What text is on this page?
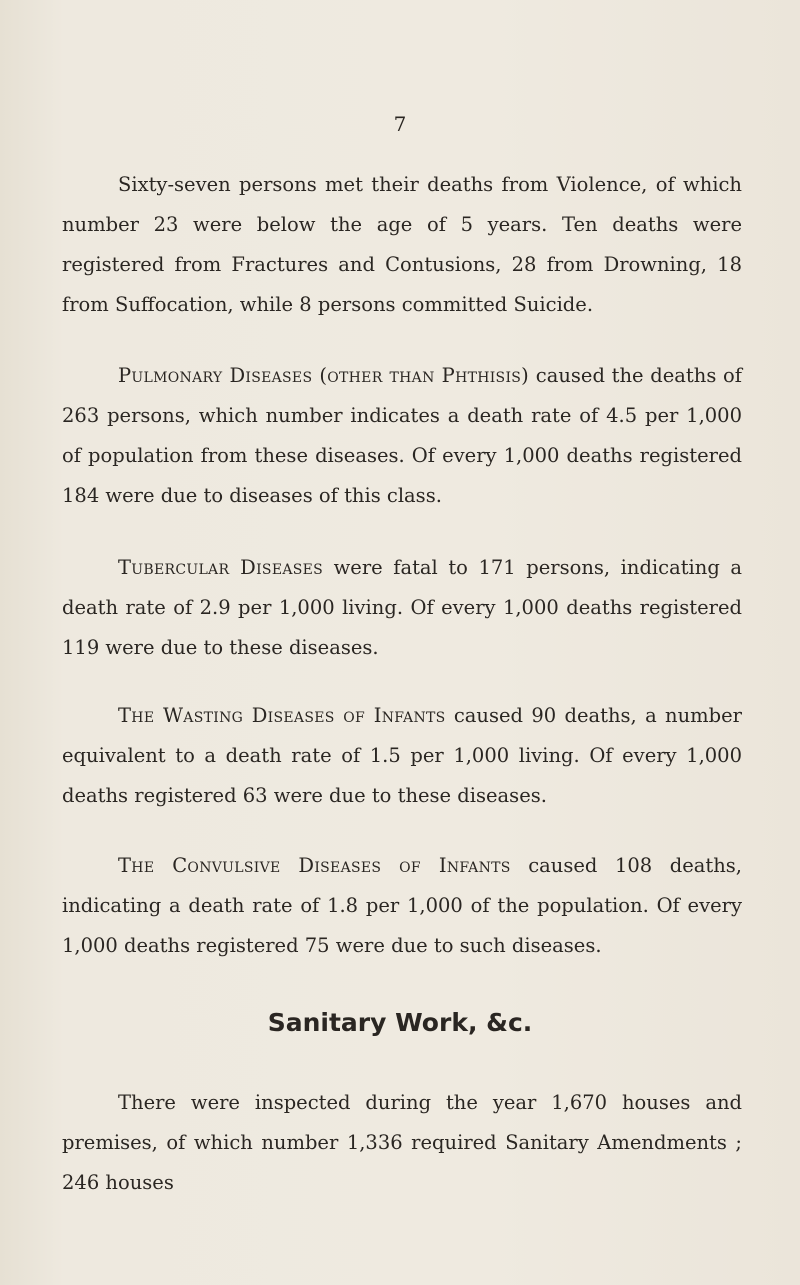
7

Sixty-seven persons met their deaths from Violence, of which number 23 were below the age of 5 years. Ten deaths were registered from Fractures and Contusions, 28 from Drowning, 18 from Suffocation, while 8 persons committed Suicide.

Pulmonary Diseases (other than Phthisis) caused the deaths of 263 persons, which number indicates a death rate of 4.5 per 1,000 of population from these diseases. Of every 1,000 deaths registered 184 were due to diseases of this class.

Tubercular Diseases were fatal to 171 persons, indicating a death rate of 2.9 per 1,000 living. Of every 1,000 deaths registered 119 were due to these diseases.

The Wasting Diseases of Infants caused 90 deaths, a number equivalent to a death rate of 1.5 per 1,000 living. Of every 1,000 deaths registered 63 were due to these diseases.

The Convulsive Diseases of Infants caused 108 deaths, indicating a death rate of 1.8 per 1,000 of the population. Of every 1,000 deaths registered 75 were due to such diseases.

Sanitary Work, &c.

There were inspected during the year 1,670 houses and premises, of which number 1,336 required Sanitary Amendments ; 246 houses
